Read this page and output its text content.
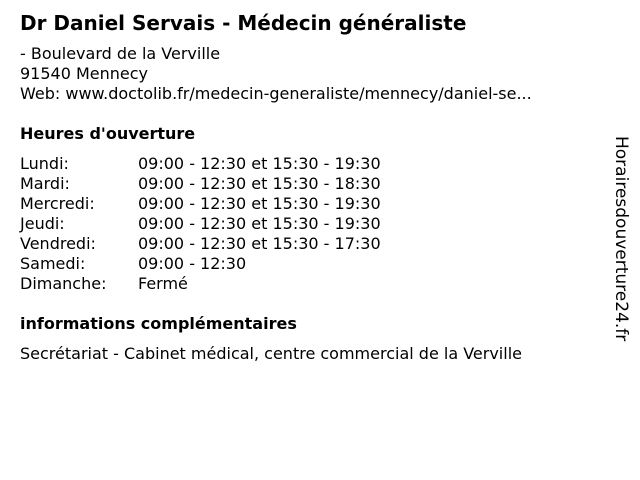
Dr Daniel Servais - Médecin généraliste
- Boulevard de la Verville
91540 Mennecy
Web: www.doctolib.fr/medecin-generaliste/mennecy/daniel-se...
Heures d'ouverture
Lundi:	09:00 - 12:30 et 15:30 - 19:30
Mardi:	09:00 - 12:30 et 15:30 - 18:30
Mercredi:	09:00 - 12:30 et 15:30 - 19:30
Jeudi:	09:00 - 12:30 et 15:30 - 19:30
Vendredi:	09:00 - 12:30 et 15:30 - 17:30
Samedi:	09:00 - 12:30
Dimanche: Fermé
informations complémentaires
Secrétariat - Cabinet médical, centre commercial de la Verville
Horairesdouverture24.fr
